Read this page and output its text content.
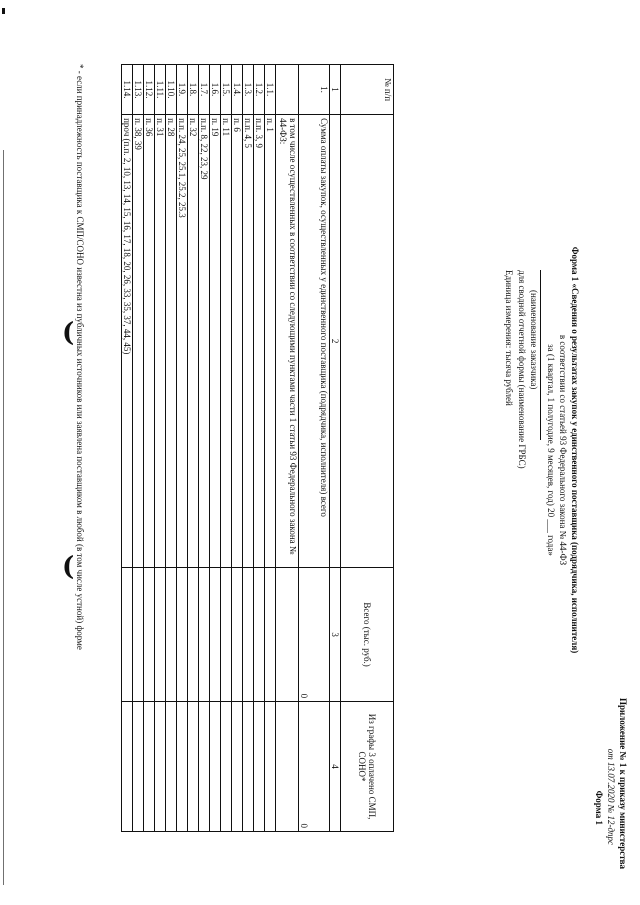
(
(
Приложение № 1 к приказу министерства
от 13.07.2020 № 12-дпрс
Форма 1
Форма 1 «Сведения о результатах закупок у единственного поставщика (подрядчика, исполнителя)
в соответствии со статьей 93 Федерального закона № 44-ФЗ
за (1 квартал, 1 полугодие, 9 месяцев, год) 20 ___ года»
(наименование заказчика)
для сводной отчетной формы (наименование ГРБС)
Единица измерения: тысяча рублей
№ п/п		Всего (тыс. руб.)	Из графы 3 оплачено СМП, СОНО*
1	2	3	4
1.	Сумма оплаты закупок, осуществленных у единственного поставщика (подрядчика, исполнителя) всего	0	0
	в том числе осуществленных в соответствии со следующими пунктами части 1 статьи 93 Федерального закона № 44-ФЗ:		
1.1.	п. 1		
1.2.	п.п. 3, 9		
1.3.	п.п. 4, 5		
1.4.	п. 6		
1.5.	п. 11		
1.6.	п. 19		
1.7.	п.п. 8, 22, 23, 29		
1.8.	п. 32		
1.9.	п.п. 24, 25, 25.1, 25.2, 25.3		
1.10.	п. 28		
1.11.	п. 31		
1.12.	п. 36		
1.13.	п. 38, 39		
1.14.	проч (п.п. 2, 10, 13, 14, 15, 16, 17, 18, 20, 26, 33, 35, 37, 44, 45)		
* - если принадлежность поставщика к СМП/СОНО известна из публичных источников или заявлена поставщиком в любой (в том числе устной) форме
